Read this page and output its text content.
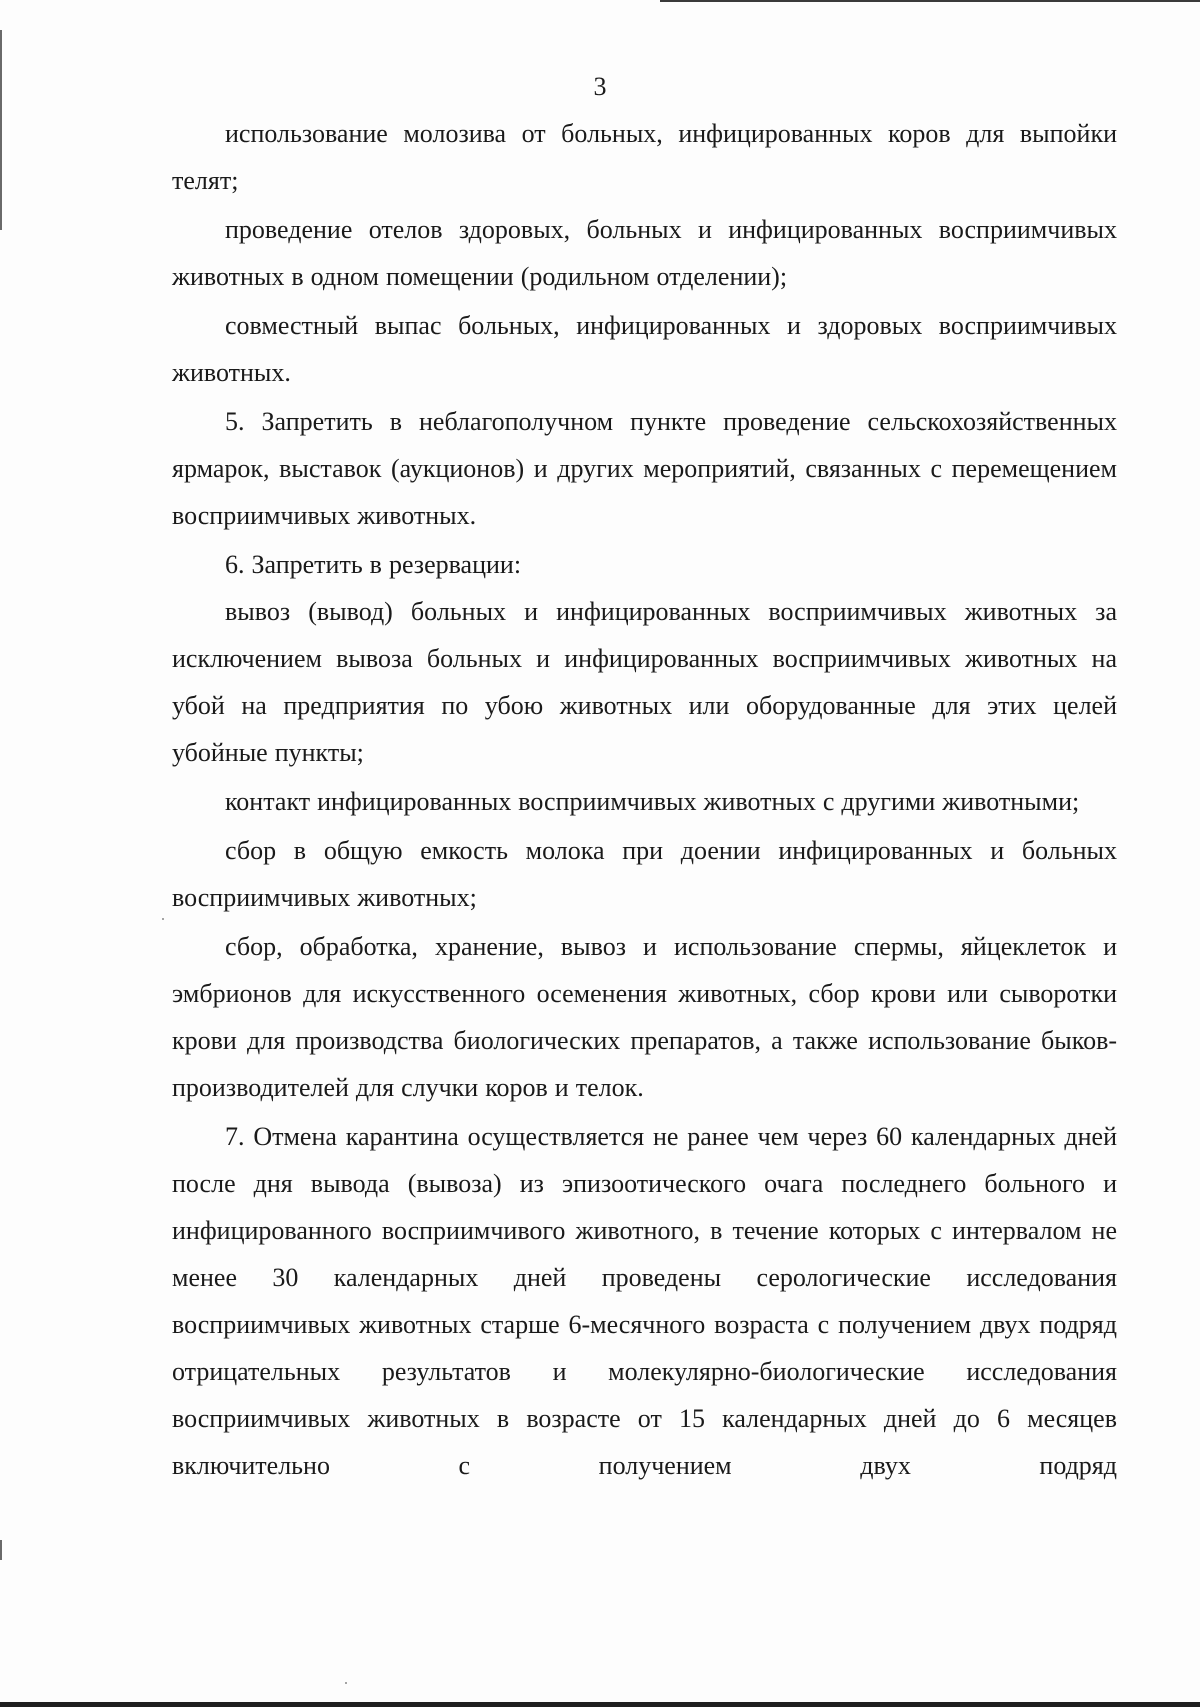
3

использование молозива от больных, инфицированных коров для выпойки телят;

проведение отелов здоровых, больных и инфицированных восприимчивых животных в одном помещении (родильном отделении);

совместный выпас больных, инфицированных и здоровых восприимчивых животных.

5. Запретить в неблагополучном пункте проведение сельскохозяйственных ярмарок, выставок (аукционов) и других мероприятий, связанных с перемещением восприимчивых животных.

6. Запретить в резервации:

вывоз (вывод) больных и инфицированных восприимчивых животных за исключением вывоза больных и инфицированных восприимчивых животных на убой на предприятия по убою животных или оборудованные для этих целей убойные пункты;

контакт инфицированных восприимчивых животных с другими животными;

сбор в общую емкость молока при доении инфицированных и больных восприимчивых животных;

сбор, обработка, хранение, вывоз и использование спермы, яйцеклеток и эмбрионов для искусственного осеменения животных, сбор крови или сыворотки крови для производства биологических препаратов, а также использование быков-производителей для случки коров и телок.

7. Отмена карантина осуществляется не ранее чем через 60 календарных дней после дня вывода (вывоза) из эпизоотического очага последнего больного и инфицированного восприимчивого животного, в течение которых с интервалом не менее 30 календарных дней проведены серологические исследования восприимчивых животных старше 6-месячного возраста с получением двух подряд отрицательных результатов и молекулярно-биологические исследования восприимчивых животных в возрасте от 15 календарных дней до 6 месяцев включительно с получением двух подряд
